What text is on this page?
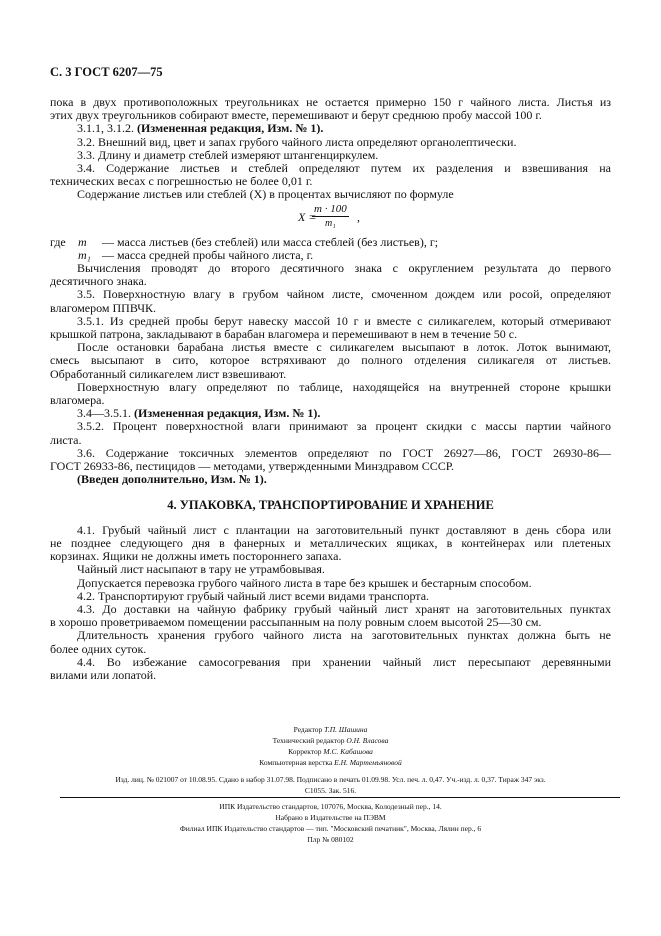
С. 3 ГОСТ 6207—75
пока в двух противоположных треугольниках не остается примерно 150 г чайного листа. Листья из
этих двух треугольников собирают вместе, перемешивают и берут среднюю пробу массой 100 г.
3.1.1, 3.1.2. (Измененная редакция, Изм. № 1).
3.2. Внешний вид, цвет и запах грубого чайного листа определяют органолептически.
3.3. Длину и диаметр стеблей измеряют штангенциркулем.
3.4. Содержание листьев и стеблей определяют путем их разделения и взвешивания на
технических весах с погрешностью не более 0,01 г.
Содержание листьев или стеблей (X) в процентах вычисляют по формуле
X =
$\frac{m \cdot 100}{\text{m₁}}$ ,
где	m	— масса листьев (без стеблей) или масса стеблей (без листьев), г;
m₁ — масса средней пробы чайного листа, г.
Вычисления проводят до второго десятичного знака с округлением результата до первого
десятичного знака.
3.5. Поверхностную влагу в грубом чайном листе, смоченном дождем или росой, определяют
влагомером ППВЧК.
3.5.1. Из средней пробы берут навеску массой 10 г и вместе с силикагелем, который отмеривают
крышкой патрона, закладывают в барабан влагомера и перемешивают в нем в течение 50 с.
После остановки барабана листья вместе с силикагелем высыпают в лоток. Лоток вынимают,
смесь высыпают в сито, которое встряхивают до полного отделения силикагеля от листьев.
Обработанный силикагелем лист взвешивают.
Поверхностную влагу определяют по таблице, находящейся на внутренней стороне крышки
влагомера.
3.4—3.5.1. (Измененная редакция, Изм. № 1).
3.5.2. Процент поверхностной влаги принимают за процент скидки с массы партии чайного
листа.
3.6. Содержание токсичных элементов определяют по ГОСТ 26927—86, ГОСТ 26930-86—
ГОСТ 26933-86, пестицидов — методами, утвержденными Минздравом СССР.
(Введен дополнительно, Изм. № 1).
4. УПАКОВКА, ТРАНСПОРТИРОВАНИЕ И ХРАНЕНИЕ
4.1. Грубый чайный лист с плантации на заготовительный пункт доставляют в день сбора или
не позднее следующего дня в фанерных и металлических ящиках, в контейнерах или плетеных
корзинах. Ящики не должны иметь постороннего запаха.
Чайный лист насыпают в тару не утрамбовывая.
Допускается перевозка грубого чайного листа в таре без крышек и бестарным способом.
4.2. Транспортируют грубый чайный лист всеми видами транспорта.
4.3. До доставки на чайную фабрику грубый чайный лист хранят на заготовительных пунктах
в хорошо проветриваемом помещении рассыпанным на полу ровным слоем высотой 25—30 см.
Длительность хранения грубого чайного листа на заготовительных пунктах должна быть не
более одних суток.
4.4. Во избежание самосогревания при хранении чайный лист пересыпают деревянными
вилами или лопатой.
Редактор Т.П. Шашина
Технический редактор О.Н. Власова
Корректор М.С. Кабашова
Компьютерная верстка Е.Н. Мартемьяновой
Изд. лиц. № 021007 от 10.08.95. Сдано в набор 31.07.98. Подписано в печать 01.09.98. Усл. печ. л. 0,47. Уч.-изд. л. 0,37. Тираж 347 экз.
С1055. Зак. 516.
ИПК Издательство стандартов, 107076, Москва, Колодезный пер., 14.
Набрано в Издательстве на ПЭВМ
Филиал ИПК Издательство стандартов — тип. "Московский печатник", Москва, Лялин пер., 6
Плр № 080102
